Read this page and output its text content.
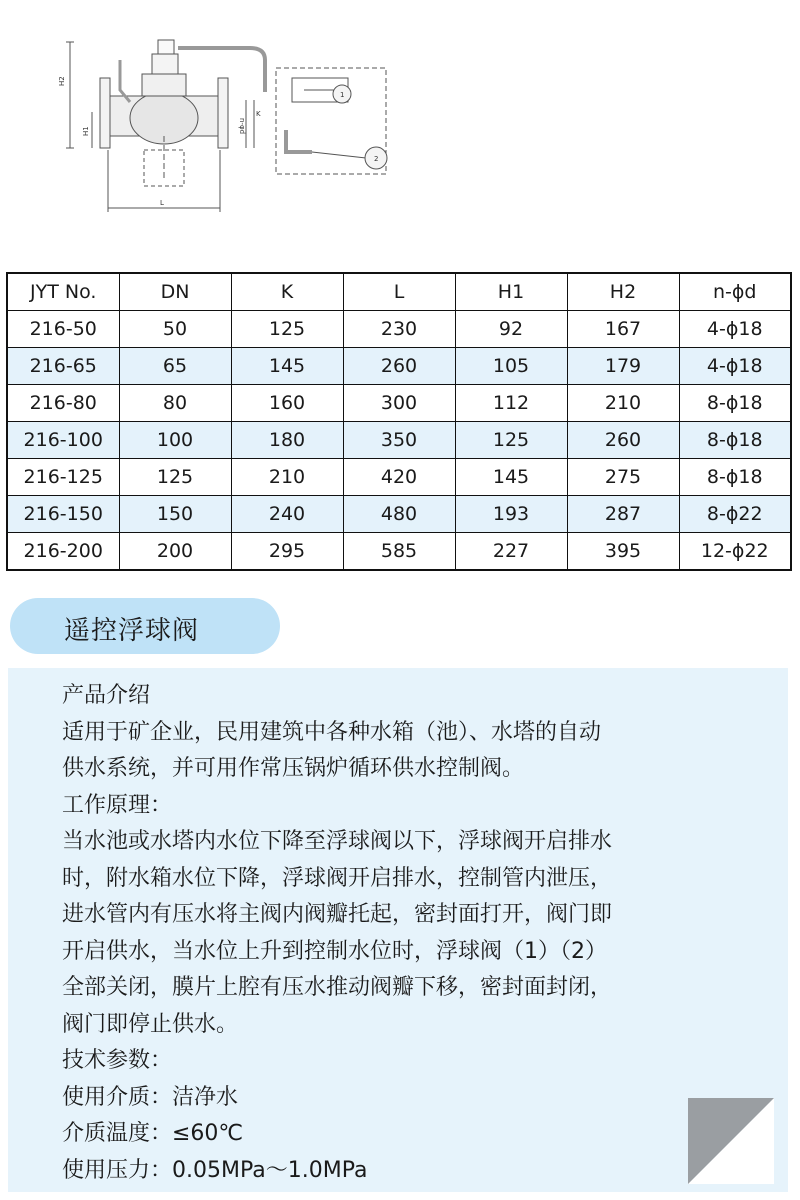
H2
H1
L
K
n-φd
1
2
JYT No.	DN	K	L	H1	H2	n-ϕd
216-50	50	125	230	92	167	4-ϕ18
216-65	65	145	260	105	179	4-ϕ18
216-80	80	160	300	112	210	8-ϕ18
216-100	100	180	350	125	260	8-ϕ18
216-125	125	210	420	145	275	8-ϕ18
216-150	150	240	480	193	287	8-ϕ22
216-200	200	295	585	227	395	12-ϕ22
遥控浮球阀

产品介绍

适用于矿企业，民用建筑中各种水箱（池）、水塔的自动

供水系统，并可用作常压锅炉循环供水控制阀。

工作原理：

当水池或水塔内水位下降至浮球阀以下，浮球阀开启排水

时，附水箱水位下降，浮球阀开启排水，控制管内泄压，

进水管内有压水将主阀内阀瓣托起，密封面打开，阀门即

开启供水，当水位上升到控制水位时，浮球阀（1）（2）

全部关闭，膜片上腔有压水推动阀瓣下移，密封面封闭，

阀门即停止供水。

技术参数：

使用介质：洁净水

介质温度：≤60℃

使用压力：0.05MPa～1.0MPa
